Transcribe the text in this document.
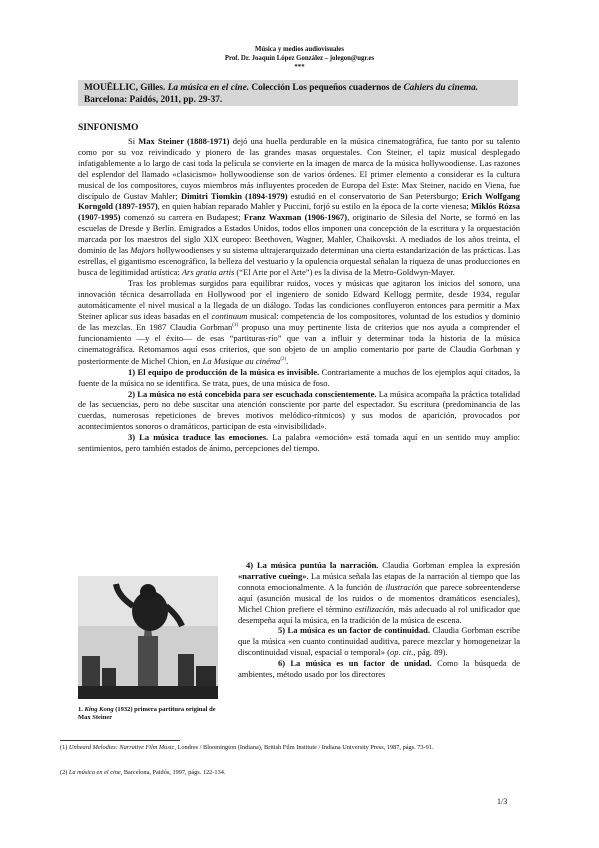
Música y medios audiovisuales
Prof. Dr. Joaquín López González – jolegon@ugr.es
***
MOUËLLIC, Gilles. La música en el cine. Colección Los pequeños cuadernos de Cahiers du cinema. Barcelona: Paidós, 2011, pp. 29-37.
SINFONISMO

Si Max Steiner (1888-1971) dejó una huella perdurable en la música cinematográfica, fue tanto por su talento como por su voz reivindicado y pionero de las grandes masas orquestales. Con Steiner, el tapiz musical desplegado infatigablemente a lo largo de casi toda la película se convierte en la imagen de marca de la música hollywoodiense. Las razones del esplendor del llamado «clasicismo» hollywoodiense son de varios órdenes. El primer elemento a considerar es la cultura musical de los compositores, cuyos miembros más influyentes proceden de Europa del Este: Max Steiner, nacido en Viena, fue discípulo de Gustav Mahler; Dimitri Tiomkin (1894-1979) estudió en el conservatorio de San Petersburgo; Erich Wolfgang Korngold (1897-1957), en quien habían reparado Mahler y Puccini, forjó su estilo en la época de la corte vienesa; Miklós Rózsa (1907-1995) comenzó su carrera en Budapest; Franz Waxman (1906-1967), originario de Silesia del Norte, se formó en las escuelas de Dresde y Berlín. Emigrados a Estados Unidos, todos ellos imponen una concepción de la escritura y la orquestación marcada por los maestros del siglo XIX europeo: Beethoven, Wagner, Mahler, Chaikovski. A mediados de los años treinta, el dominio de las Majors hollywoodienses y su sistema ultrajerarquizado determinan una cierta estandarización de las prácticas. Las estrellas, el gigantismo escenográfico, la belleza del vestuario y la opulencia orquestal señalan la riqueza de unas producciones en busca de legitimidad artística: Ars gratia artis (“El Arte por el Arte”) es la divisa de la Metro-Goldwyn-Mayer.

Tras los problemas surgidos para equilibrar ruidos, voces y músicas que agitaron los inicios del sonoro, una innovación técnica desarrollada en Hollywood por el ingeniero de sonido Edward Kellogg permite, desde 1934, regular automáticamente el nivel musical a la llegada de un diálogo. Todas las condiciones confluyeron entonces para permitir a Max Steiner aplicar sus ideas basadas en el continuum musical: competencia de los compositores, voluntad de los estudios y dominio de las mezclas. En 1987 Claudia Gorbman$^{(1)}$ propuso una muy pertinente lista de criterios que nos ayuda a comprender el funcionamiento —y el éxito— de esas “partituras-río” que van a influir y determinar toda la historia de la música cinematográfica. Retomamos aquí esos criterios, que son objeto de un amplio comentario por parte de Claudia Gorbman y posteriormente de Michel Chion, en La Musique au cinéma$^{(2)}$.

1) El equipo de producción de la música es invisible. Contrariamente a muchos de los ejemplos aquí citados, la fuente de la música no se identifica. Se trata, pues, de una música de foso.

2) La música no está concebida para ser escuchada conscientemente. La música acompaña la práctica totalidad de las secuencias, pero no debe suscitar una atención consciente por parte del espectador. Su escritura (predominancia de las cuerdas, numerosas repeticiones de breves motivos melódico-rítmicos) y sus modos de aparición, provocados por acontecimientos sonoros o dramáticos, participan de esta «invisibilidad».

3) La música traduce las emociones. La palabra «emoción» está tomada aquí en un sentido muy amplio: sentimientos, pero también estados de ánimo, percepciones del tiempo.

4) La música puntúa la narración. Claudia Gorbman emplea la expresión «narrative cueing». La música señala las etapas de la narración al tiempo que las connota emocionalmente. A la función de ilustración que parece sobreentenderse aquí (asunción musical de los ruidos o de momentos dramáticos esenciales), Michel Chion prefiere el término estilización, más adecuado al rol unificador que desempeña aquí la música, en la tradición de la música de escena.

5) La música es un factor de continuidad. Claudia Gorbman escribe que la música «en cuanto continuidad auditiva, parece mezclar y homogeneizar la discontinuidad visual, espacial o temporal» (op. cit., pág. 89).

6) La música es un factor de unidad. Como la búsqueda de ambientes, método usado por los directores

1. King Kong (1932) primera partitura original de Max Steiner
(1) Unheard Melodies: Narrative Film Music, Londres / Bloomington (Indiana), British Film Institute / Indiana University Press, 1987, págs. 73-91.
(2) La música en el cine, Barcelona, Paidós, 1997, págs. 122-134.
1/3
